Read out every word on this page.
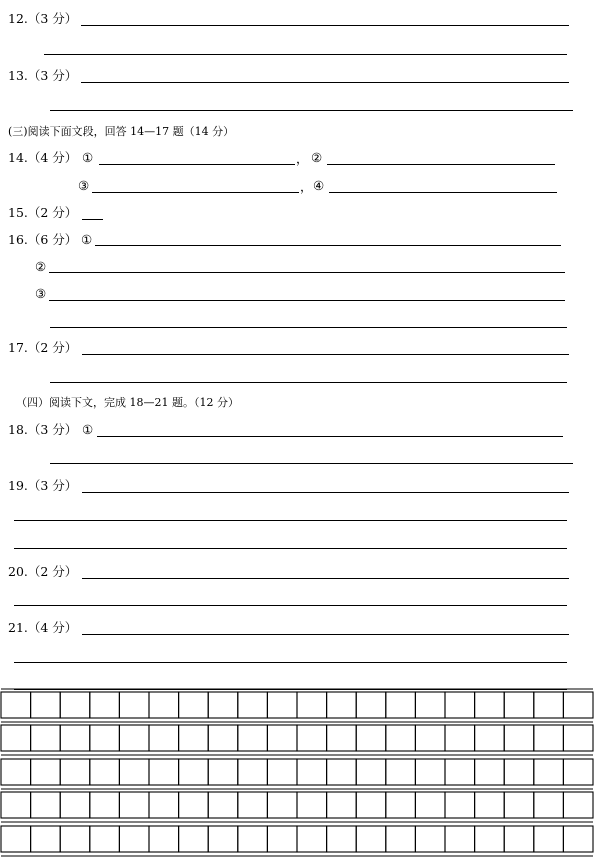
12.（3 分）
13.（3 分）
(三)阅读下面文段，回答 14—17 题（14 分）
14.（4 分） ①	， ②
③	， ④
15.（2 分）
16.（6 分） ①
②
③
17.（2 分）
（四）阅读下文，完成 18—21 题。（12 分）
18.（3 分） ①
19.（3 分）
20.（2 分）
21.（4 分）
